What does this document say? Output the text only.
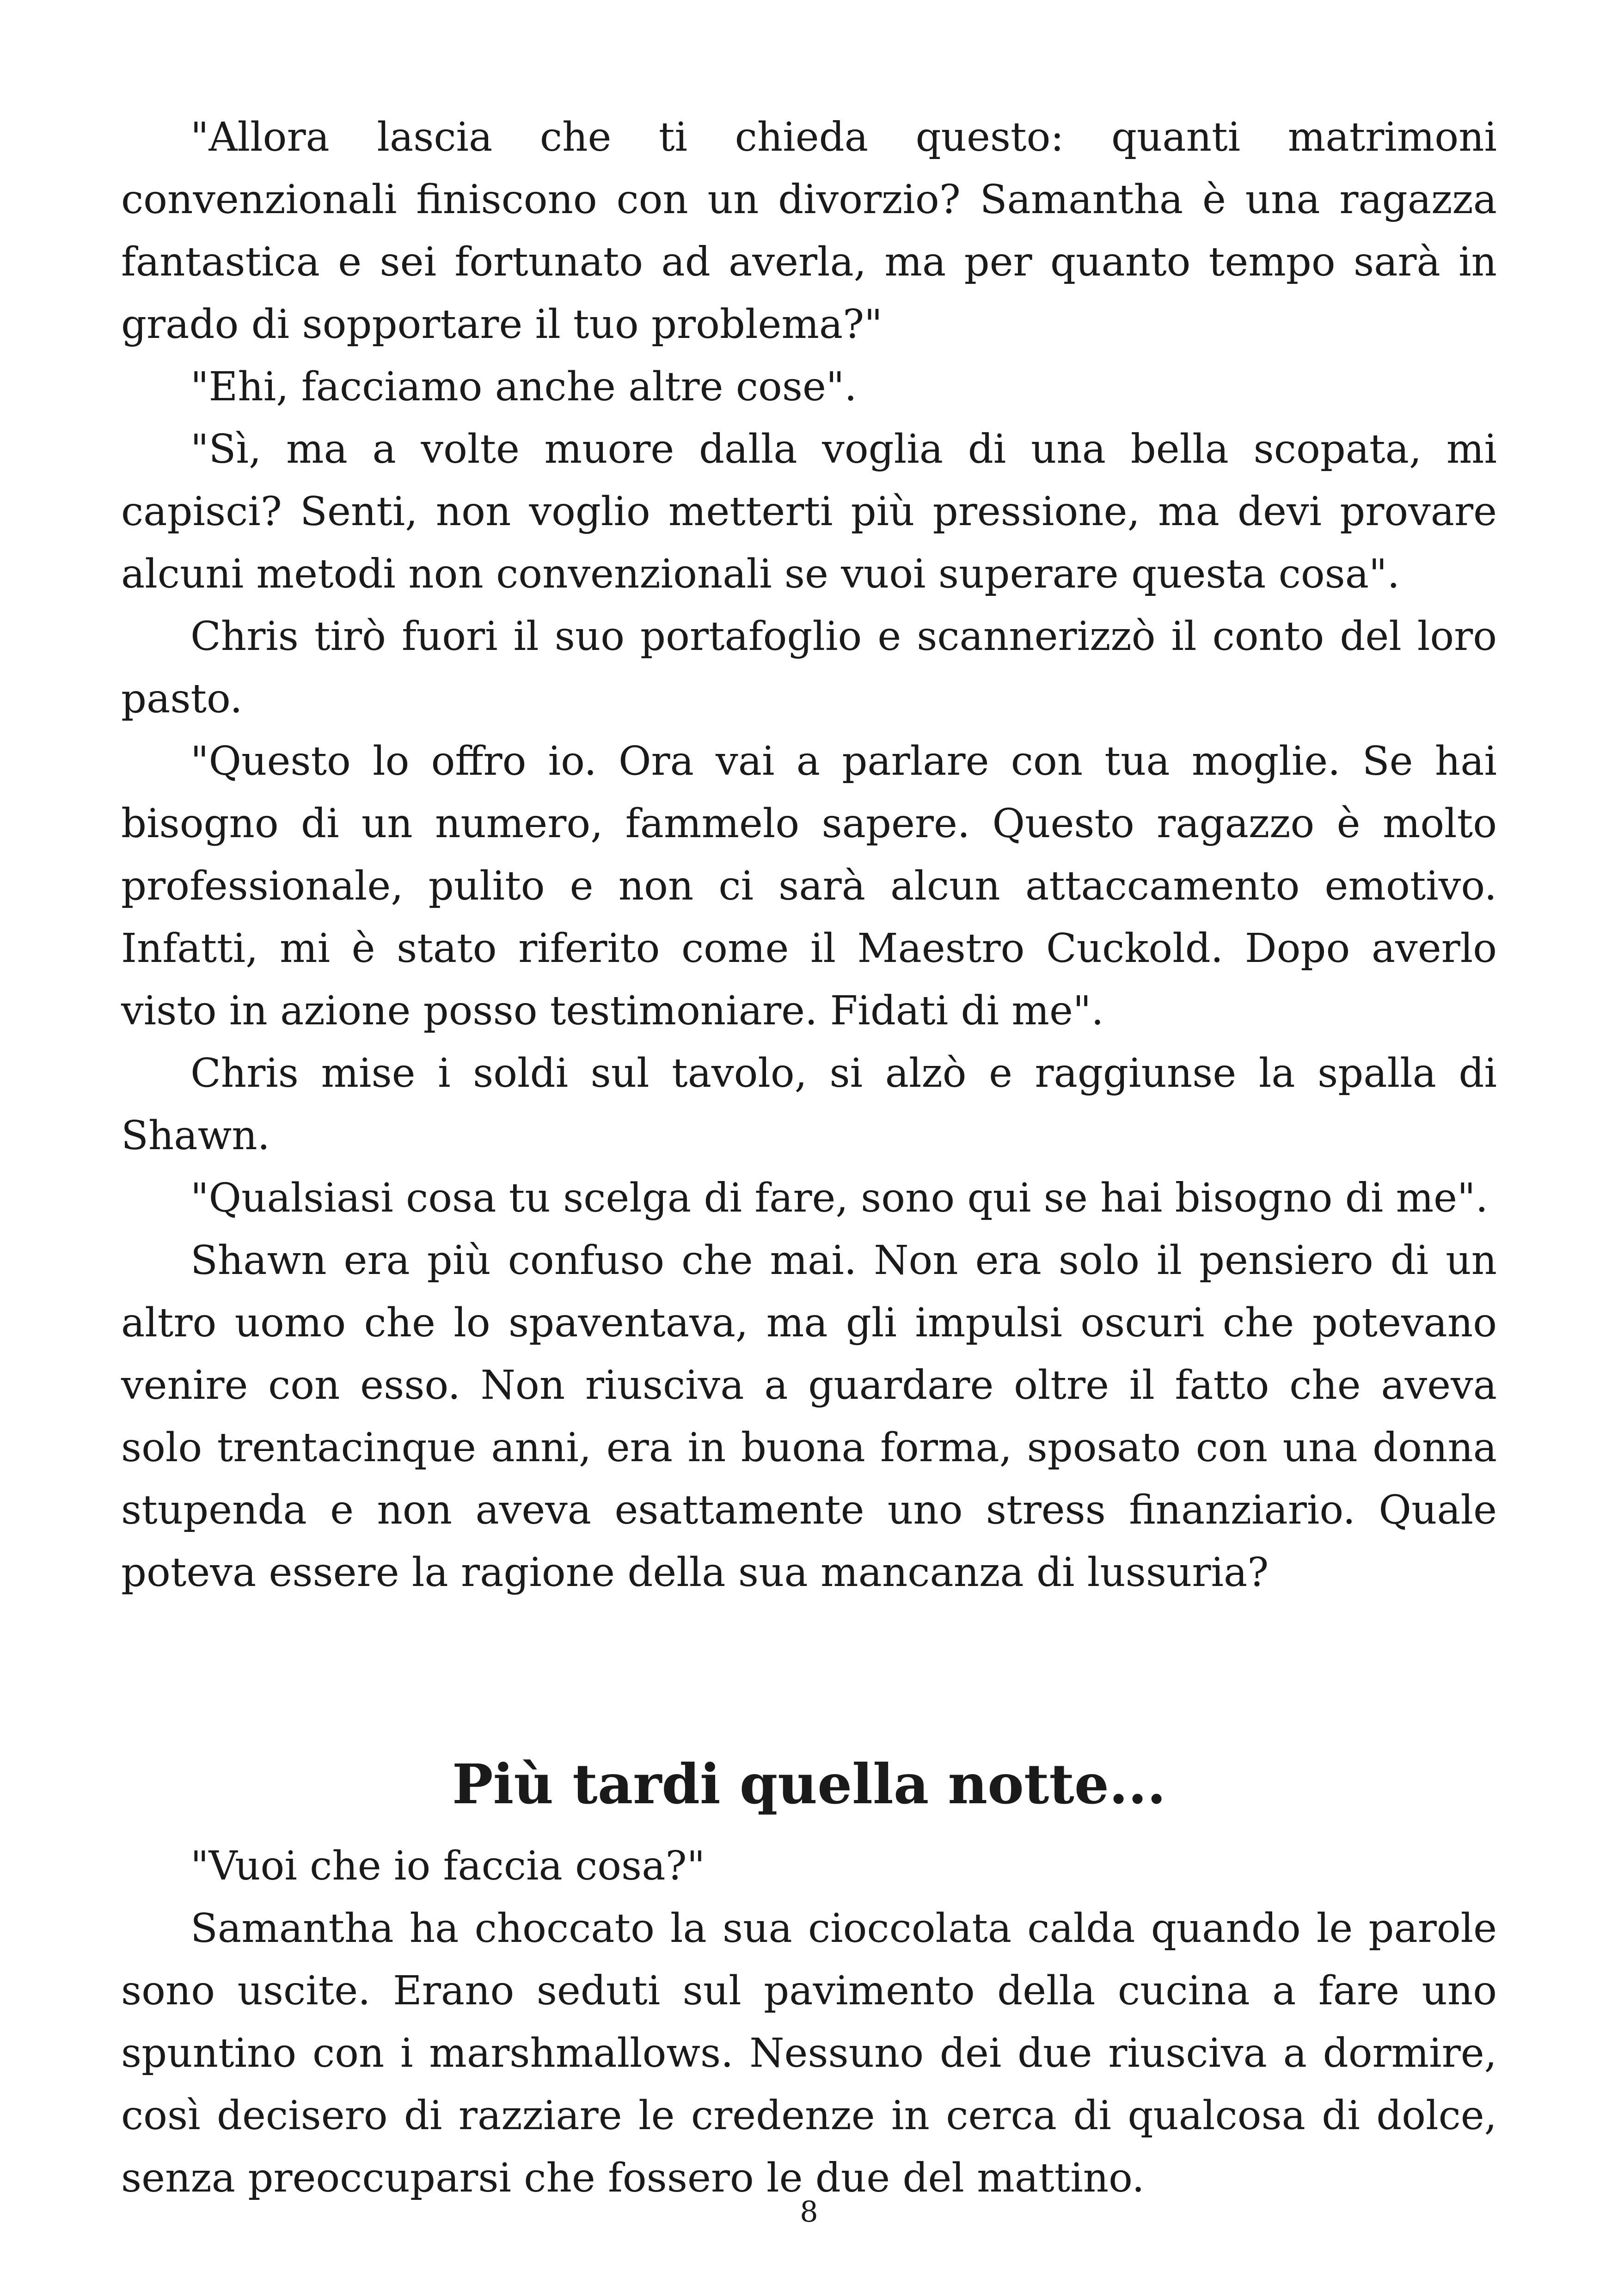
"Allora lascia che ti chieda questo: quanti matrimoni convenzionali finiscono con un divorzio? Samantha è una ragazza fantastica e sei fortunato ad averla, ma per quanto tempo sarà in grado di sopportare il tuo problema?"

"Ehi, facciamo anche altre cose".

"Sì, ma a volte muore dalla voglia di una bella scopata, mi capisci? Senti, non voglio metterti più pressione, ma devi provare alcuni metodi non convenzionali se vuoi superare questa cosa".

Chris tirò fuori il suo portafoglio e scannerizzò il conto del loro pasto.

"Questo lo offro io. Ora vai a parlare con tua moglie. Se hai bisogno di un numero, fammelo sapere. Questo ragazzo è molto professionale, pulito e non ci sarà alcun attaccamento emotivo. Infatti, mi è stato riferito come il Maestro Cuckold. Dopo averlo visto in azione posso testimoniare. Fidati di me".

Chris mise i soldi sul tavolo, si alzò e raggiunse la spalla di Shawn.

"Qualsiasi cosa tu scelga di fare, sono qui se hai bisogno di me".

Shawn era più confuso che mai. Non era solo il pensiero di un altro uomo che lo spaventava, ma gli impulsi oscuri che potevano venire con esso. Non riusciva a guardare oltre il fatto che aveva solo trentacinque anni, era in buona forma, sposato con una donna stupenda e non aveva esattamente uno stress finanziario. Quale poteva essere la ragione della sua mancanza di lussuria?

Più tardi quella notte...

"Vuoi che io faccia cosa?"

Samantha ha choccato la sua cioccolata calda quando le parole sono uscite. Erano seduti sul pavimento della cucina a fare uno spuntino con i marshmallows. Nessuno dei due riusciva a dormire, così decisero di razziare le credenze in cerca di qualcosa di dolce, senza preoccuparsi che fossero le due del mattino.

8
